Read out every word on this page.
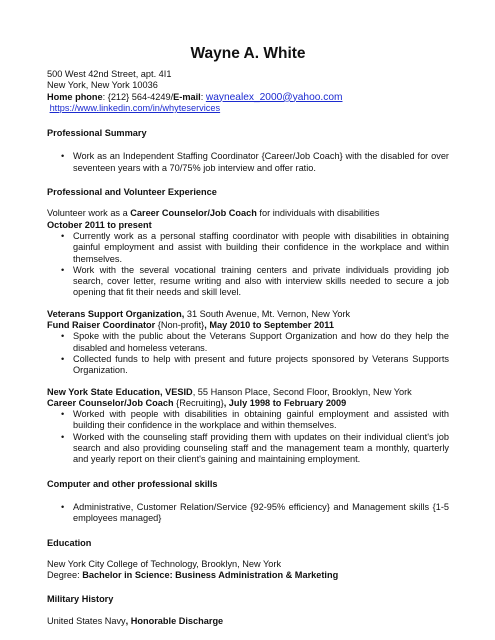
Wayne A. White
500 West 42nd Street, apt. 4I1
New York, New York 10036
Home phone: {212} 564-4249/E-mail: waynealex_2000@yahoo.com
https://www.linkedin.com/in/whyteservices
Professional Summary
• Work as an Independent Staffing Coordinator {Career/Job Coach} with the disabled for over seventeen years with a 70/75% job interview and offer ratio.
Professional and Volunteer Experience
Volunteer work as a Career Counselor/Job Coach for individuals with disabilities
October 2011 to present
• Currently work as a personal staffing coordinator with people with disabilities in obtaining gainful employment and assist with building their confidence in the workplace and within themselves.
• Work with the several vocational training centers and private individuals providing job search, cover letter, resume writing and also with interview skills needed to secure a job opening that fit their needs and skill level.
Veterans Support Organization, 31 South Avenue, Mt. Vernon, New York
Fund Raiser Coordinator {Non-profit}, May 2010 to September 2011
• Spoke with the public about the Veterans Support Organization and how do they help the disabled and homeless veterans.
• Collected funds to help with present and future projects sponsored by Veterans Supports Organization.
New York State Education, VESID, 55 Hanson Place, Second Floor, Brooklyn, New York
Career Counselor/Job Coach {Recruiting}, July 1998 to February 2009
• Worked with people with disabilities in obtaining gainful employment and assisted with building their confidence in the workplace and within themselves.
• Worked with the counseling staff providing them with updates on their individual client's job search and also providing counseling staff and the management team a monthly, quarterly and yearly report on their client's gaining and maintaining employment.
Computer and other professional skills
• Administrative, Customer Relation/Service {92-95% efficiency} and Management skills {1-5 employees managed}
Education
New York City College of Technology, Brooklyn, New York
Degree: Bachelor in Science: Business Administration & Marketing
Military History
United States Navy, Honorable Discharge
